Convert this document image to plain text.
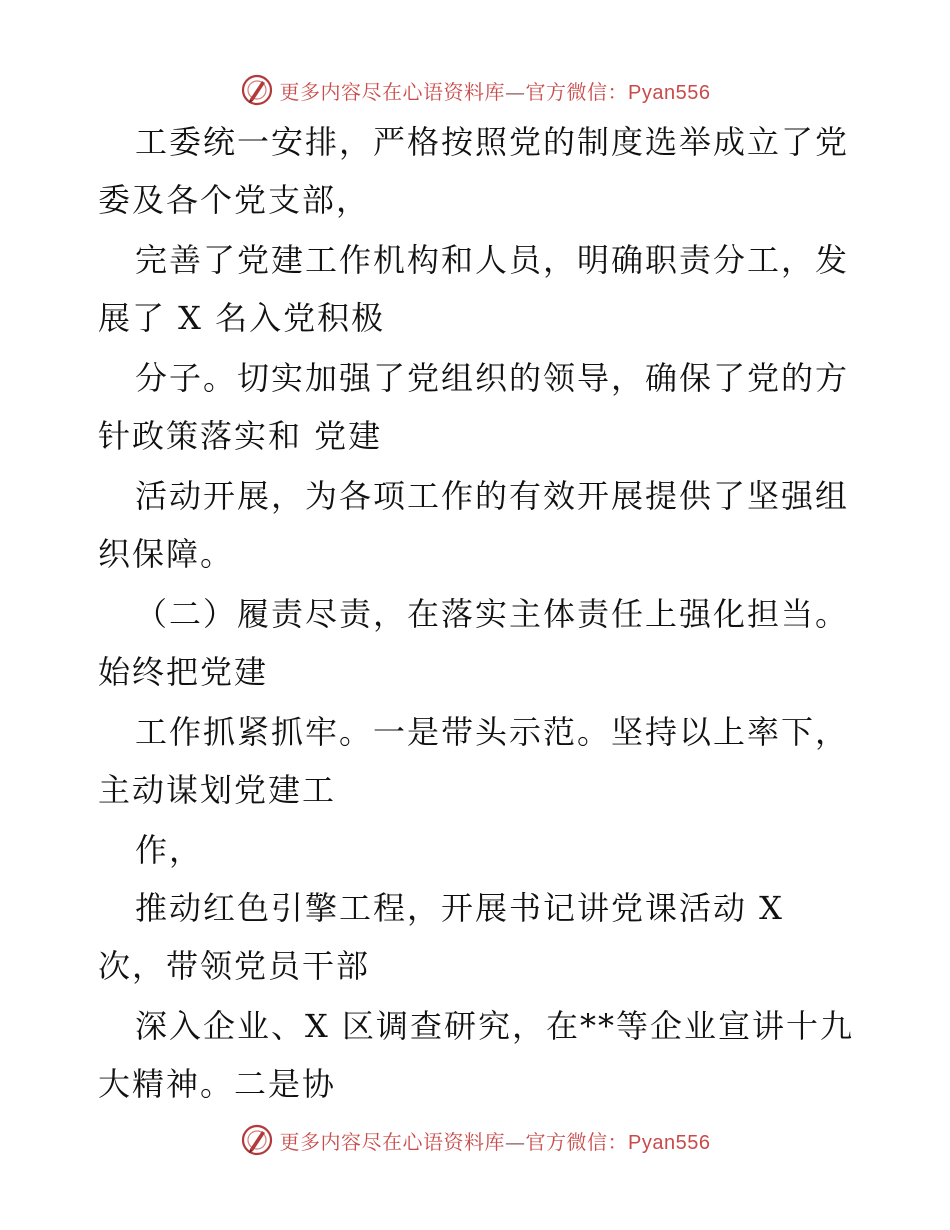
更多内容尽在心语资料库—官方微信：Pyan556
工委统一安排，严格按照党的制度选举成立了党
委及各个党支部，
完善了党建工作机构和人员，明确职责分工，发
展了 X 名入党积极
分子。切实加强了党组织的领导，确保了党的方
针政策落实和 党建
活动开展，为各项工作的有效开展提供了坚强组
织保障。
（二）履责尽责，在落实主体责任上强化担当。
始终把党建
工作抓紧抓牢。一是带头示范。坚持以上率下，
主动谋划党建工
作，
推动红色引擎工程，开展书记讲党课活动 X
次，带领党员干部
深入企业、X 区调查研究，在**等企业宣讲十九
大精神。二是协
更多内容尽在心语资料库—官方微信：Pyan556
